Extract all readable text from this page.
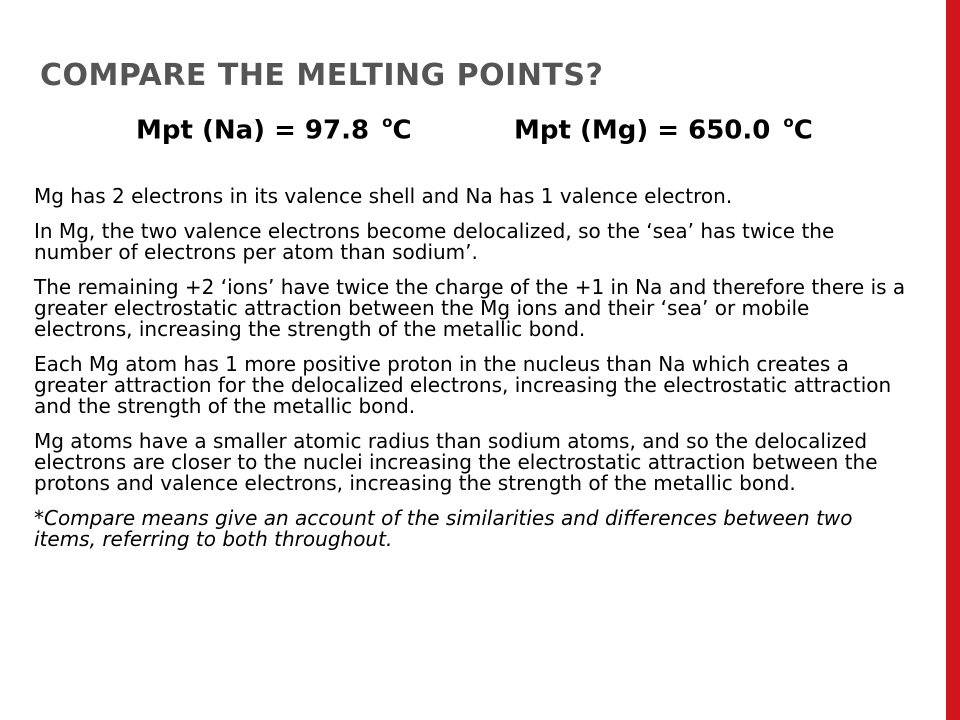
COMPARE THE MELTING POINTS?
Mpt (Na) = 97.8 $^o$C	Mpt (Mg) = 650.0 $^o$C

Mg has 2 electrons in its valence shell and Na has 1 valence electron.

In Mg, the two valence electrons become delocalized, so the ‘sea’ has twice the number of electrons per atom than sodium’.

The remaining +2 ‘ions’ have twice the charge of the +1 in Na and therefore there is a greater electrostatic attraction between the Mg ions and their ‘sea’ or mobile electrons, increasing the strength of the metallic bond.

Each Mg atom has 1 more positive proton in the nucleus than Na which creates a greater attraction for the delocalized electrons, increasing the electrostatic attraction and the strength of the metallic bond.

Mg atoms have a smaller atomic radius than sodium atoms, and so the delocalized electrons are closer to the nuclei increasing the electrostatic attraction between the protons and valence electrons, increasing the strength of the metallic bond.

*Compare means give an account of the similarities and differences between two items, referring to both throughout.
